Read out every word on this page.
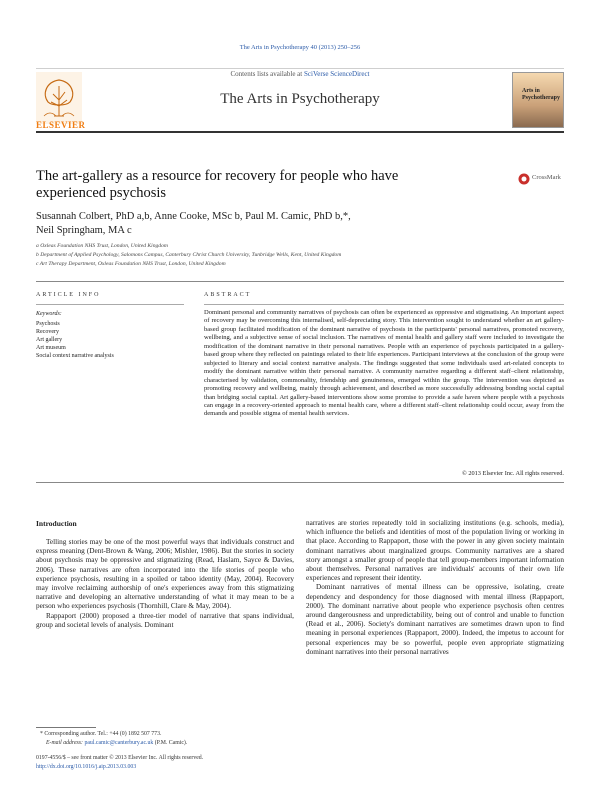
The Arts in Psychotherapy 40 (2013) 250–256
ELSEVIER
Contents lists available at SciVerse ScienceDirect
The Arts in Psychotherapy	Arts in Psychotherapy
The art-gallery as a resource for recovery for people who have
experienced psychosis
CrossMark
Susannah Colbert, PhD a,b, Anne Cooke, MSc b, Paul M. Camic, PhD b,*,
Neil Springham, MA c
a Oxleas Foundation NHS Trust, London, United Kingdom
b Department of Applied Psychology, Salomons Campus, Canterbury Christ Church University, Tunbridge Wells, Kent, United Kingdom
c Art Therapy Department, Oxleas Foundation NHS Trust, London, United Kingdom
ARTICLE INFO	ABSTRACT
Keywords:
Psychosis
Recovery
Art gallery
Art museum
Social context narrative analysis
Dominant personal and community narratives of psychosis can often be experienced as oppressive and stigmatising. An important aspect of recovery may be overcoming this internalised, self-depreciating story. This intervention sought to understand whether an art gallery-based group facilitated modification of the dominant narrative of psychosis in the participants' personal narratives, promoted recovery, wellbeing, and a subjective sense of social inclusion. The narratives of mental health and gallery staff were included to investigate the modification of the dominant narrative in their personal narratives. People with an experience of psychosis participated in a gallery-based group where they reflected on paintings related to their life experiences. Participant interviews at the conclusion of the group were subjected to literary and social context narrative analysis. The findings suggested that some individuals used art-related concepts to modify the dominant narrative within their personal narrative. A community narrative regarding a different staff–client relationship, characterised by validation, commonality, friendship and genuineness, emerged within the group. The intervention was depicted as promoting recovery and wellbeing, mainly through achievement, and described as more successfully addressing bonding social capital than bridging social capital. Art gallery-based interventions show some promise to provide a safe haven where people with a psychosis can engage in a recovery-oriented approach to mental health care, where a different staff–client relationship could occur, away from the demands and possible stigma of mental health services.
© 2013 Elsevier Inc. All rights reserved.
Introduction

Telling stories may be one of the most powerful ways that individuals construct and express meaning (Dent-Brown & Wang, 2006; Mishler, 1986). But the stories in society about psychosis may be oppressive and stigmatizing (Read, Haslam, Sayce & Davies, 2006). These narratives are often incorporated into the life stories of people who experience psychosis, resulting in a spoiled or taboo identity (May, 2004). Recovery may involve reclaiming authorship of one's experiences away from this stigmatizing narrative and developing an alternative understanding of what it may mean to be a person who experiences psychosis (Thornhill, Clare & May, 2004).

Rappaport (2000) proposed a three-tier model of narrative that spans individual, group and societal levels of analysis. Dominant

narratives are stories repeatedly told in socializing institutions (e.g. schools, media), which influence the beliefs and identities of most of the population living or working in that place. According to Rappaport, those with the power in any given society maintain dominant narratives about marginalized groups. Community narratives are a shared story amongst a smaller group of people that tell group-members important information about themselves. Personal narratives are individuals' accounts of their own life experiences and represent their identity.

Dominant narratives of mental illness can be oppressive, isolating, create dependency and despondency for those diagnosed with mental illness (Rappaport, 2000). The dominant narrative about people who experience psychosis often centres around dangerousness and unpredictability, being out of control and unable to function (Read et al., 2006). Society's dominant narratives are sometimes drawn upon to find meaning in personal experiences (Rappaport, 2000). Indeed, the impetus to account for personal experiences may be so powerful, people even appropriate stigmatizing dominant narratives into their personal narratives

* Corresponding author. Tel.: +44 (0) 1892 507 773.
E-mail address: paul.camic@canterbury.ac.uk (P.M. Camic).
0197-4556/$ – see front matter © 2013 Elsevier Inc. All rights reserved.
http://dx.doi.org/10.1016/j.aip.2013.03.003
